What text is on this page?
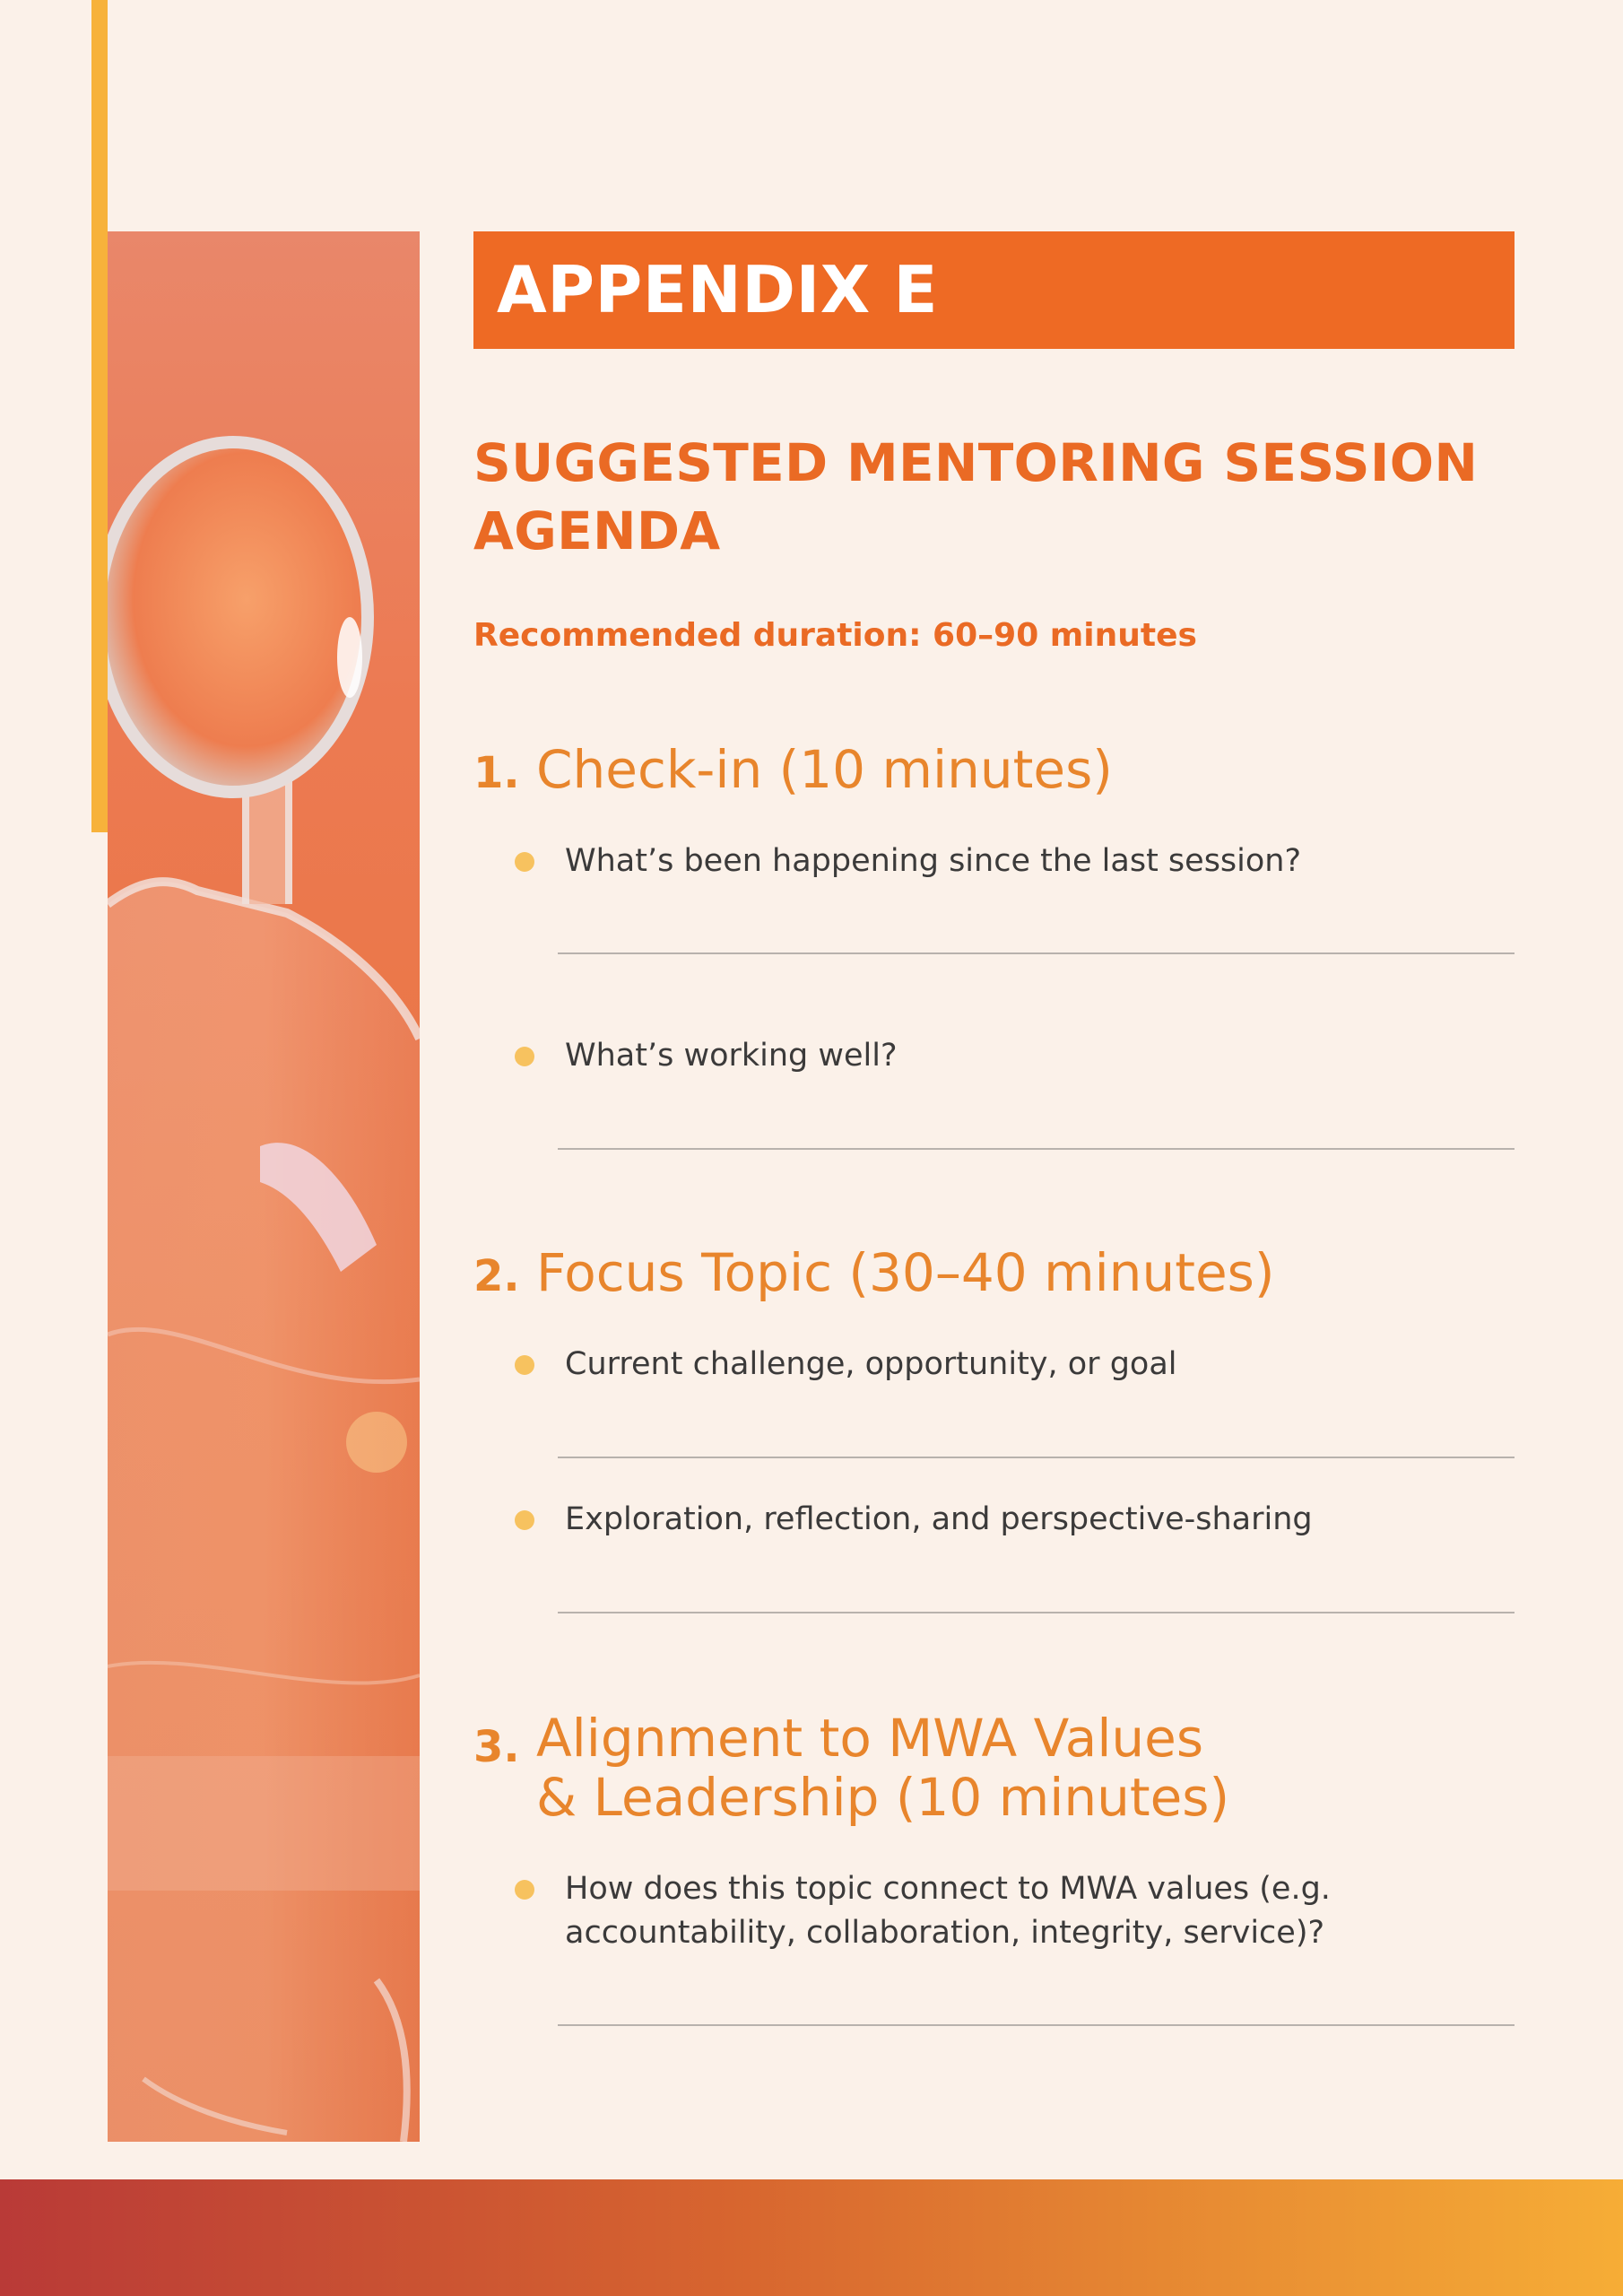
APPENDIX E
SUGGESTED MENTORING SESSION AGENDA
Recommended duration: 60–90 minutes
1. Check-in (10 minutes)
What’s been happening since the last session?
What’s working well?
2. Focus Topic (30–40 minutes)
Current challenge, opportunity, or goal
Exploration, reflection, and perspective-sharing
3. Alignment to MWA Values
& Leadership (10 minutes)
How does this topic connect to MWA values (e.g. accountability, collaboration, integrity, service)?
